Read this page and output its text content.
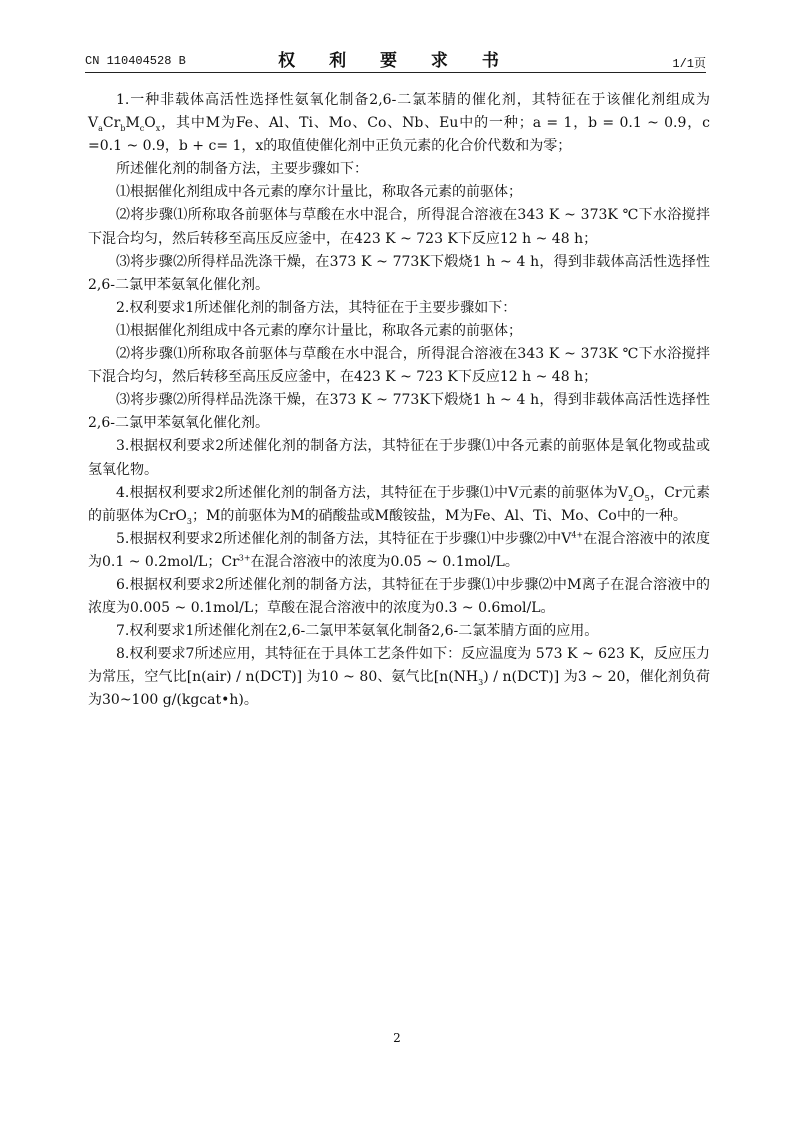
CN 110404528 B	权 利 要 求 书	1/1页

1.一种非载体高活性选择性氨氧化制备2,6-二氯苯腈的催化剂，其特征在于该催化剂组成为$V_aCr_bM_cO_x$，其中M为Fe、Al、Ti、Mo、Co、Nb、Eu中的一种；a = 1，b = 0.1 ~ 0.9，c =0.1 ~ 0.9，b + c= 1，x的取值使催化剂中正负元素的化合价代数和为零；

所述催化剂的制备方法，主要步骤如下：

⑴根据催化剂组成中各元素的摩尔计量比，称取各元素的前驱体；

⑵将步骤⑴所称取各前驱体与草酸在水中混合，所得混合溶液在343 K ~ 373K ℃下水浴搅拌下混合均匀，然后转移至高压反应釜中，在423 K ~ 723 K下反应12 h ~ 48 h；

⑶将步骤⑵所得样品洗涤干燥，在373 K ~ 773K下煅烧1 h ~ 4 h，得到非载体高活性选择性2,6-二氯甲苯氨氧化催化剂。

2.权利要求1所述催化剂的制备方法，其特征在于主要步骤如下：

⑴根据催化剂组成中各元素的摩尔计量比，称取各元素的前驱体；

⑵将步骤⑴所称取各前驱体与草酸在水中混合，所得混合溶液在343 K ~ 373K ℃下水浴搅拌下混合均匀，然后转移至高压反应釜中，在423 K ~ 723 K下反应12 h ~ 48 h；

⑶将步骤⑵所得样品洗涤干燥，在373 K ~ 773K下煅烧1 h ~ 4 h，得到非载体高活性选择性2,6-二氯甲苯氨氧化催化剂。

3.根据权利要求2所述催化剂的制备方法，其特征在于步骤⑴中各元素的前驱体是氧化物或盐或氢氧化物。

4.根据权利要求2所述催化剂的制备方法，其特征在于步骤⑴中V元素的前驱体为$V_2O_5$，Cr元素的前驱体为CrO$_3$；M的前驱体为M的硝酸盐或M酸铵盐，M为Fe、Al、Ti、Mo、Co中的一种。

5.根据权利要求2所述催化剂的制备方法，其特征在于步骤⑴中步骤⑵中$V^{4+}$在混合溶液中的浓度为0.1 ~ 0.2mol/L；$Cr^{3+}$在混合溶液中的浓度为0.05 ~ 0.1mol/L。

6.根据权利要求2所述催化剂的制备方法，其特征在于步骤⑴中步骤⑵中M离子在混合溶液中的浓度为0.005 ~ 0.1mol/L；草酸在混合溶液中的浓度为0.3 ~ 0.6mol/L。

7.权利要求1所述催化剂在2,6-二氯甲苯氨氧化制备2,6-二氯苯腈方面的应用。

8.权利要求7所述应用，其特征在于具体工艺条件如下：反应温度为 573 K ~ 623 K，反应压力为常压，空气比[n(air) / n(DCT)] 为10 ~ 80、氨气比$[n(NH_3) / n(DCT)]$ 为3 ~ 20，催化剂负荷为30~100 g/(kgcat•h)。

2
